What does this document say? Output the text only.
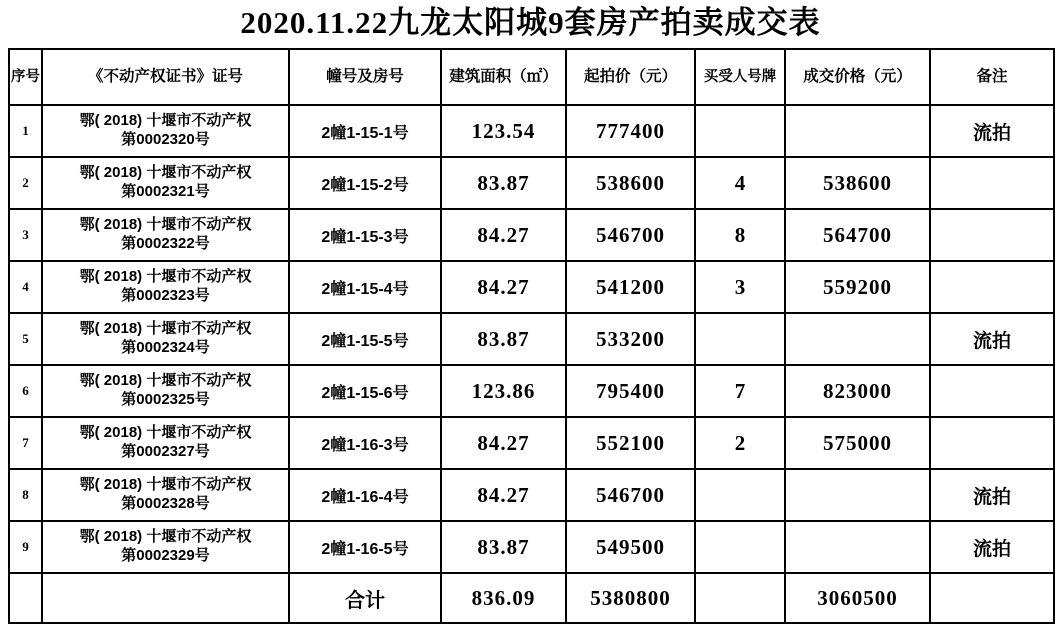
2020.11.22九龙太阳城9套房产拍卖成交表
序号	《不动产权证书》证号	幢号及房号	建筑面积（㎡）	起拍价（元）	买受人号牌	成交价格（元）	备注
1	鄂( 2018) 十堰市不动产权
第0002320号	2幢1-15-1号	123.54	777400			流拍
2	鄂( 2018) 十堰市不动产权
第0002321号	2幢1-15-2号	83.87	538600	4	538600	
3	鄂( 2018) 十堰市不动产权
第0002322号	2幢1-15-3号	84.27	546700	8	564700	
4	鄂( 2018) 十堰市不动产权
第0002323号	2幢1-15-4号	84.27	541200	3	559200	
5	鄂( 2018) 十堰市不动产权
第0002324号	2幢1-15-5号	83.87	533200			流拍
6	鄂( 2018) 十堰市不动产权
第0002325号	2幢1-15-6号	123.86	795400	7	823000	
7	鄂( 2018) 十堰市不动产权
第0002327号	2幢1-16-3号	84.27	552100	2	575000	
8	鄂( 2018) 十堰市不动产权
第0002328号	2幢1-16-4号	84.27	546700			流拍
9	鄂( 2018) 十堰市不动产权
第0002329号	2幢1-16-5号	83.87	549500			流拍
		合计	836.09	5380800		3060500	
